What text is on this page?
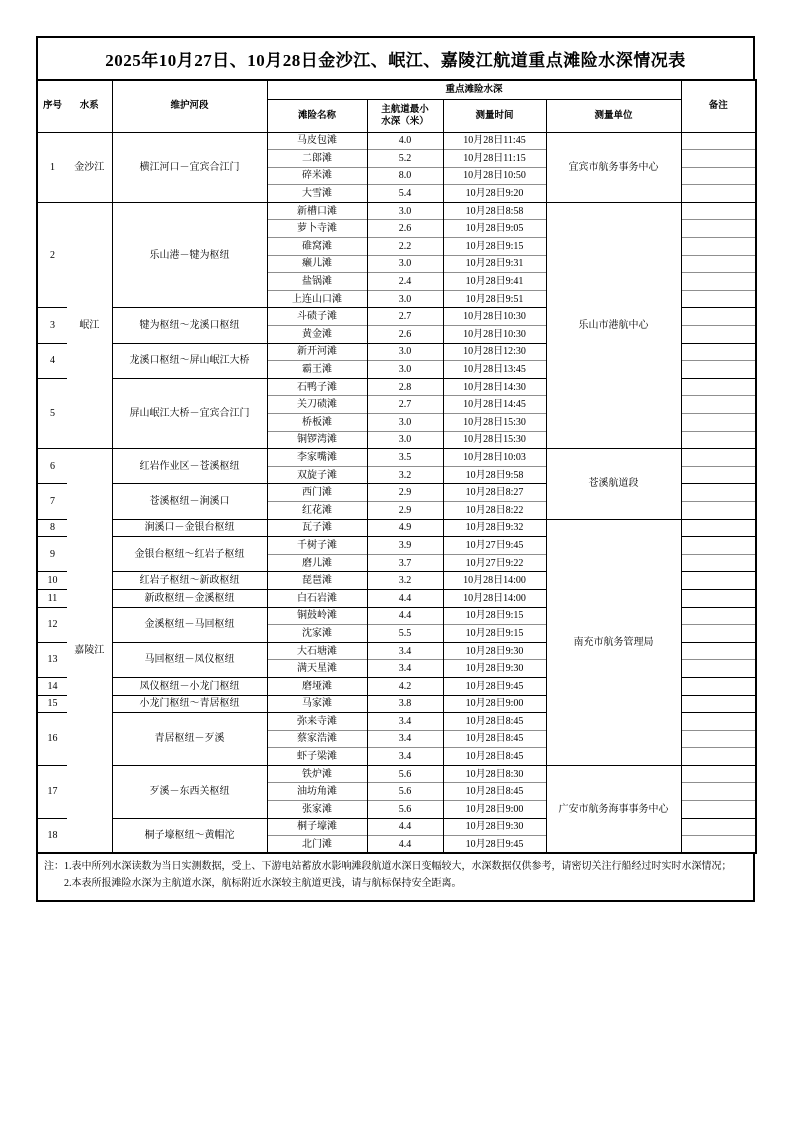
2025年10月27日、10月28日 金沙江、岷江、嘉陵江航道重点滩险水深情况表
序号	水系	维护河段	重点滩险水深				备注
			滩险名称	主航道最小
水深（米）	测量时间	测量单位	
1	金沙江	横江河口－宜宾合江门	马皮包滩	4.0	10月28日11:45	宜宾市航务事务中心	
			二郎滩	5.2	10月28日11:15		
			碎米滩	8.0	10月28日10:50		
			大雪滩	5.4	10月28日9:20		
2	岷江	乐山港－犍为枢纽	新槽口滩	3.0	10月28日8:58	乐山市港航中心	
			萝卜寺滩	2.6	10月28日9:05		
			碓窝滩	2.2	10月28日9:15		
			癞儿滩	3.0	10月28日9:31		
			盐锅滩	2.4	10月28日9:41		
			上连山口滩	3.0	10月28日9:51		
3		犍为枢纽～龙溪口枢纽	斗碛子滩	2.7	10月28日10:30		
			黄金滩	2.6	10月28日10:30		
4		龙溪口枢纽～屏山岷江大桥	新开河滩	3.0	10月28日12:30		
			霸王滩	3.0	10月28日13:45		
5		屏山岷江大桥－宜宾合江门	石鸭子滩	2.8	10月28日14:30		
			关刀碛滩	2.7	10月28日14:45		
			桥板滩	3.0	10月28日15:30		
			铜锣湾滩	3.0	10月28日15:30		
6	嘉陵江	红岩作业区－苍溪枢纽	李家嘴滩	3.5	10月28日10:03	苍溪航道段	
			双旋子滩	3.2	10月28日9:58		
7		苍溪枢纽－涧溪口	西门滩	2.9	10月28日8:27		
			红花滩	2.9	10月28日8:22		
8		涧溪口－金银台枢纽	瓦子滩	4.9	10月28日9:32	南充市航务管理局	
9		金银台枢纽～红岩子枢纽	千树子滩	3.9	10月27日9:45		
			磨儿滩	3.7	10月27日9:22		
10		红岩子枢纽～新政枢纽	琵琶滩	3.2	10月28日14:00		
11		新政枢纽－金溪枢纽	白石岩滩	4.4	10月28日14:00		
12		金溪枢纽－马回枢纽	铜鼓岭滩	4.4	10月28日9:15		
			沈家滩	5.5	10月28日9:15		
13		马回枢纽－凤仪枢纽	大石塘滩	3.4	10月28日9:30		
			满天星滩	3.4	10月28日9:30		
14		凤仪枢纽－小龙门枢纽	磨垭滩	4.2	10月28日9:45		
15		小龙门枢纽～青居枢纽	马家滩	3.8	10月28日9:00		
16		青居枢纽－歹溪	弥来寺滩	3.4	10月28日8:45		
			蔡家浩滩	3.4	10月28日8:45		
			虾子梁滩	3.4	10月28日8:45		
17		歹溪－东西关枢纽	铁炉滩	5.6	10月28日8:30	广安市航务海事事务中心	
			油坊角滩	5.6	10月28日8:45		
			张家滩	5.6	10月28日9:00		
18		桐子壕枢纽～黄帽沱	桐子壕滩	4.4	10月28日9:30		
			北门滩	4.4	10月28日9:45		
注：1.表中所列水深读数为当日实测数据，受上、下游电站蓄放水影响滩段航道水深日变幅较大，水深数据仅供参考，请密切关注行船经过时实时水深情况；
2.本表所报滩险水深为主航道水深，航标附近水深较主航道更浅，请与航标保持安全距离。
